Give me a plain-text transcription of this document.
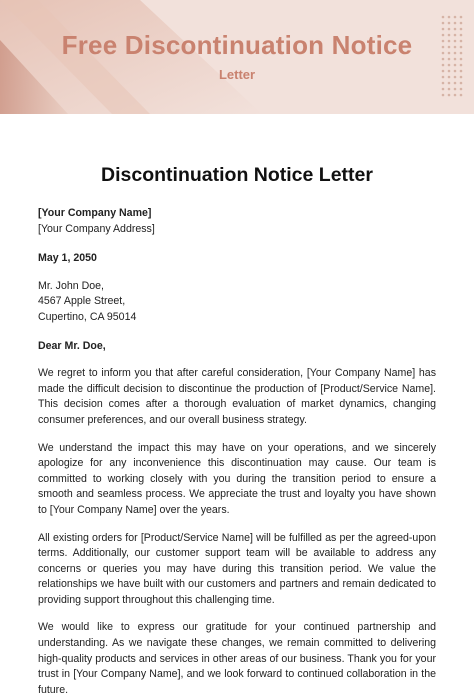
Free Discontinuation Notice
Letter
Discontinuation Notice Letter
[Your Company Name]
[Your Company Address]
May 1, 2050
Mr. John Doe,
4567 Apple Street,
Cupertino, CA 95014
Dear Mr. Doe,
We regret to inform you that after careful consideration, [Your Company Name] has made the difficult decision to discontinue the production of [Product/Service Name]. This decision comes after a thorough evaluation of market dynamics, changing consumer preferences, and our overall business strategy.
We understand the impact this may have on your operations, and we sincerely apologize for any inconvenience this discontinuation may cause. Our team is committed to working closely with you during the transition period to ensure a smooth and seamless process. We appreciate the trust and loyalty you have shown to [Your Company Name] over the years.
All existing orders for [Product/Service Name] will be fulfilled as per the agreed-upon terms. Additionally, our customer support team will be available to address any concerns or queries you may have during this transition period. We value the relationships we have built with our customers and partners and remain dedicated to providing support throughout this challenging time.
We would like to express our gratitude for your continued partnership and understanding. As we navigate these changes, we remain committed to delivering high-quality products and services in other areas of our business. Thank you for your trust in [Your Company Name], and we look forward to continued collaboration in the future.
